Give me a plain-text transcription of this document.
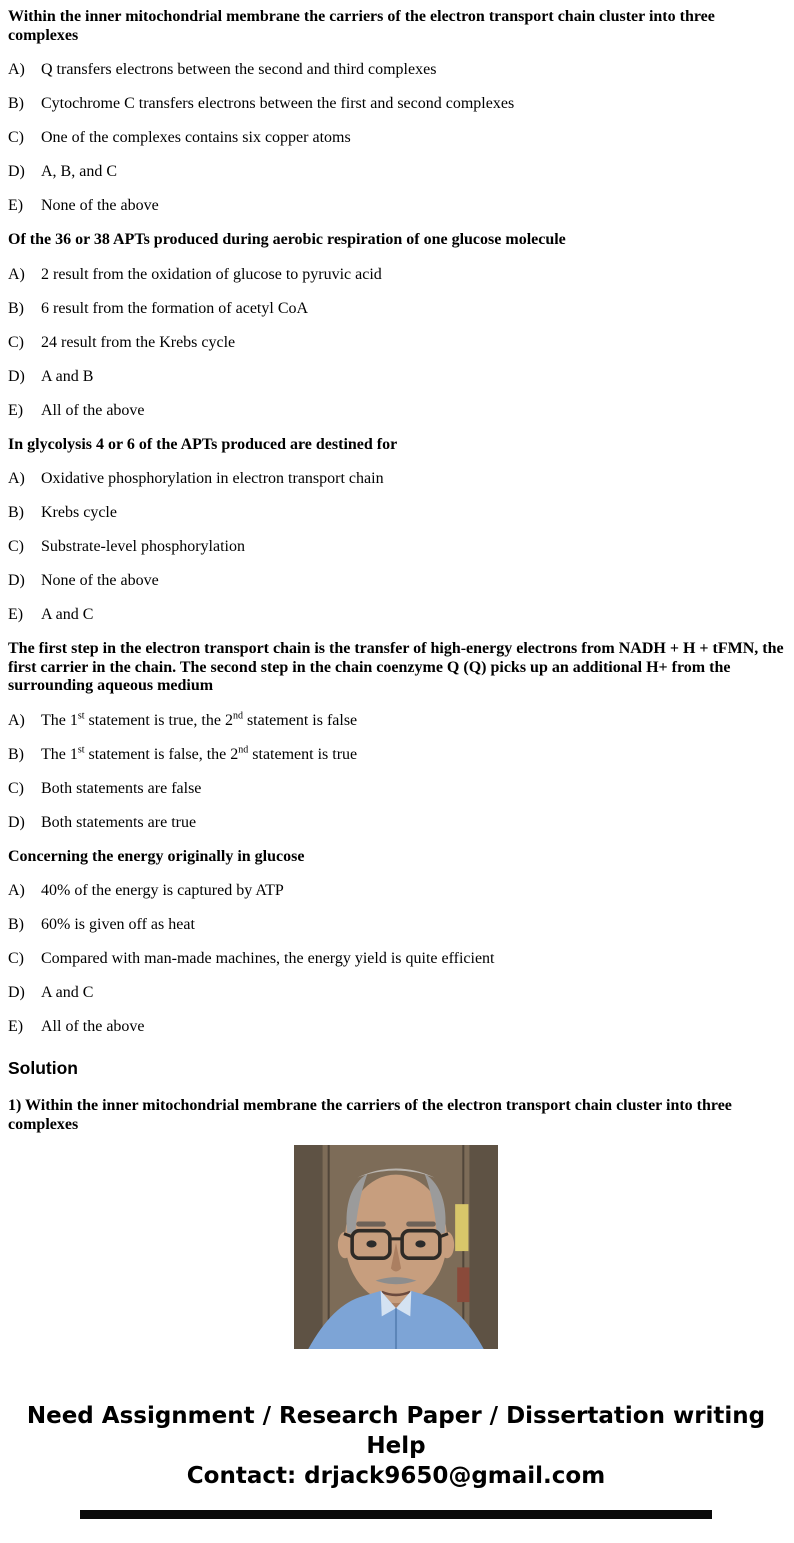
Within the inner mitochondrial membrane the carriers of the electron transport chain cluster into three complexes

A)	Q transfers electrons between the second and third complexes

B)	Cytochrome C transfers electrons between the first and second complexes

C)	One of the complexes contains six copper atoms

D)	A, B, and C

E)	None of the above

Of the 36 or 38 APTs produced during aerobic respiration of one glucose molecule

A)	2 result from the oxidation of glucose to pyruvic acid

B)	6 result from the formation of acetyl CoA

C)	24 result from the Krebs cycle

D)	A and B

E)	All of the above

In glycolysis 4 or 6 of the APTs produced are destined for

A)	Oxidative phosphorylation in electron transport chain

B)	Krebs cycle

C)	Substrate-level phosphorylation

D)	None of the above

E)	A and C

The first step in the electron transport chain is the transfer of high-energy electrons from NADH + H + tFMN, the first carrier in the chain. The second step in the chain coenzyme Q (Q) picks up an additional H+ from the surrounding aqueous medium

A)	The 1st statement is true, the 2nd statement is false

B)	The 1st statement is false, the 2nd statement is true

C)	Both statements are false

D)	Both statements are true

Concerning the energy originally in glucose

A)	40% of the energy is captured by ATP

B)	60% is given off as heat

C)	Compared with man-made machines, the energy yield is quite efficient

D)	A and C

E)	All of the above

Solution

1) Within the inner mitochondrial membrane the carriers of the electron transport chain cluster into three
complexes

Need Assignment / Research Paper / Dissertation writing Help

Contact: drjack9650@gmail.com
